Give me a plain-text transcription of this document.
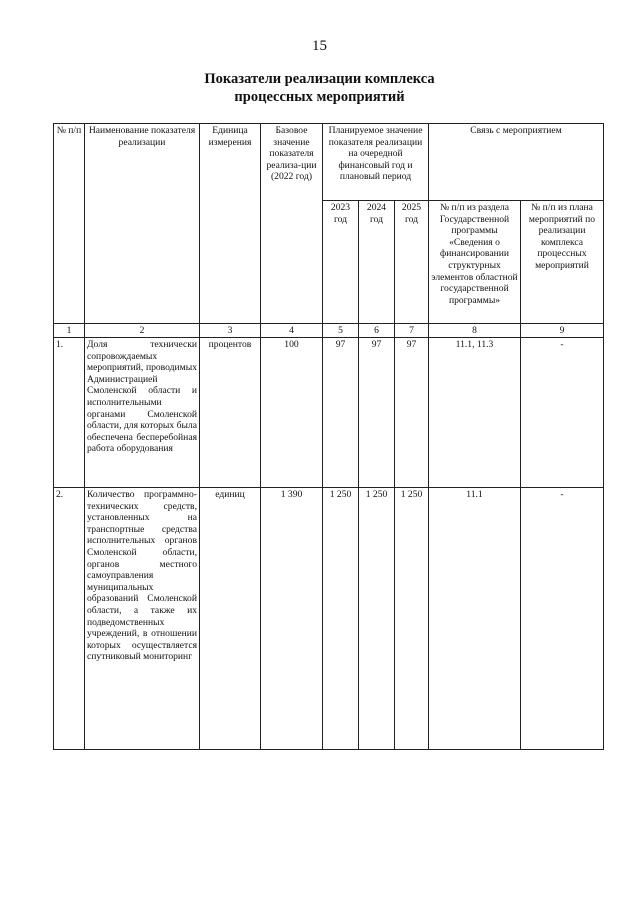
15
Показатели реализации комплекса
процессных мероприятий
№ п/п	Наименование показателя реализации	Единица измерения	Базовое значение показателя реализа-ции (2022 год)	Планируемое значение показателя реализации на очередной финансовый год и плановый период			Связь с мероприятием	
				2023 год	2024 год	2025 год	№ п/п из раздела Государственной программы «Сведения о финансировании структурных элементов областной государственной программы»	№ п/п из плана мероприятий по реализации комплекса процессных мероприятий
1	2	3	4	5	6	7	8	9
1.	Доля технически сопровождаемых мероприятий, проводимых Администрацией Смоленской области и исполнительными органами Смоленской области, для которых была обеспечена бесперебойная работа оборудования	процентов	100	97	97	97	11.1, 11.3	-
2.	Количество программно-технических средств, установленных на транспортные средства исполнительных органов Смоленской области, органов местного самоуправления муниципальных образований Смоленской области, а также их подведомственных учреждений, в отношении которых осуществляется спутниковый мониторинг	единиц	1 390	1 250	1 250	1 250	11.1	-
